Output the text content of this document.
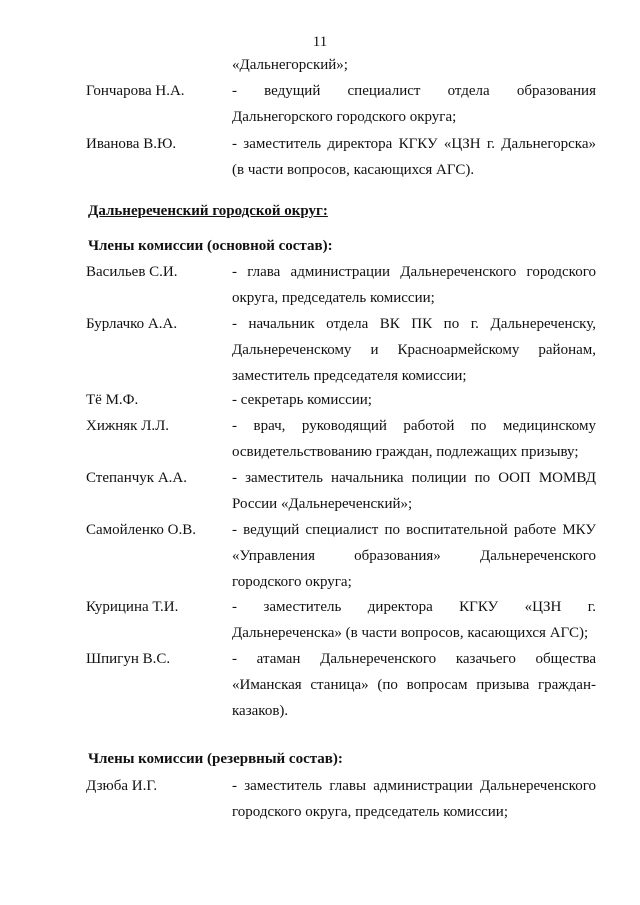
11
«Дальнегорский»;
Гончарова Н.А.	- ведущий специалист отдела образования Дальнегорского городского округа;
Иванова В.Ю.	- заместитель директора КГКУ «ЦЗН г. Дальнегорска» (в части вопросов, касающихся АГС).
Дальнереченский городской округ:
Члены комиссии (основной состав):
Васильев С.И.	- глава администрации Дальнереченского городского округа, председатель комиссии;
Бурлачко А.А.	- начальник отдела ВК ПК по г. Дальнереченску, Дальнереченскому и Красноармейскому районам, заместитель председателя комиссии;
Тё М.Ф.	- секретарь комиссии;
Хижняк Л.Л.	- врач, руководящий работой по медицинскому освидетельствованию граждан, подлежащих призыву;
Степанчук А.А.	- заместитель начальника полиции по ООП МОМВД России «Дальнереченский»;
Самойленко О.В. - ведущий специалист по воспитательной работе МКУ «Управления образования» Дальнереченского городского округа;
Курицина Т.И.	- заместитель директора КГКУ «ЦЗН г. Дальнереченска» (в части вопросов, касающихся АГС);
Шпигун В.С.	- атаман Дальнереченского казачьего общества «Иманская станица» (по вопросам призыва граждан-казаков).
Члены комиссии (резервный состав):
Дзюба И.Г.	- заместитель главы администрации Дальнереченского городского округа, председатель комиссии;
